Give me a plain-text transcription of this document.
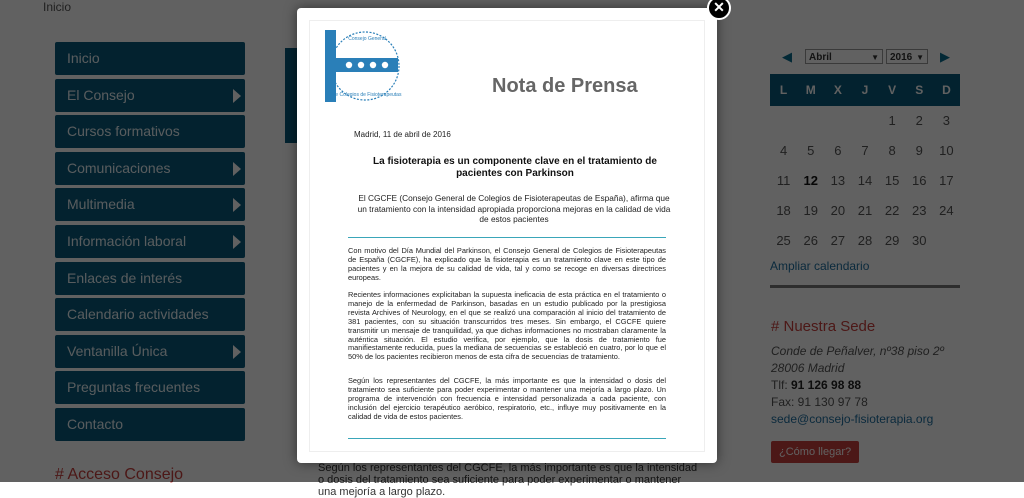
una mejoría a largo plazo.
Consejo General
de Colegios de Fisioterapeutas	Nota de Prensa
Madrid, 11 de abril de 2016
La fisioterapia es un componente clave en el tratamiento de pacientes con Parkinson
El CGCFE (Consejo General de Colegios de Fisioterapeutas de España), afirma que un tratamiento con la intensidad apropiada proporciona mejoras en la calidad de vida de estos pacientes
Con motivo del Día Mundial del Parkinson, el Consejo General de Colegios de Fisioterapeutas de España (CGCFE), ha explicado que la fisioterapia es un tratamiento clave en este tipo de pacientes y en la mejora de su calidad de vida, tal y como se recoge en diversas directrices europeas.
Recientes informaciones explicitaban la supuesta ineficacia de esta práctica en el tratamiento o manejo de la enfermedad de Parkinson, basadas en un estudio publicado por la prestigiosa revista Archives of Neurology, en el que se realizó una comparación al inicio del tratamiento de 381 pacientes, con su situación transcurridos tres meses. Sin embargo, el CGCFE quiere transmitir un mensaje de tranquilidad, ya que dichas informaciones no mostraban claramente la auténtica situación. El estudio verifica, por ejemplo, que la dosis de tratamiento fue manifiestamente reducida, pues la mediana de secuencias se estableció en cuatro, por lo que el 50% de los pacientes recibieron menos de esta cifra de secuencias de tratamiento.
Según los representantes del CGCFE, la más importante es que la intensidad o dosis del tratamiento sea suficiente para poder experimentar o mantener una mejoría a largo plazo. Un programa de intervención con frecuencia e intensidad personalizada a cada paciente, con inclusión del ejercicio terapéutico aeróbico, respiratorio, etc., influye muy positivamente en la calidad de vida de estos pacientes.
✕
